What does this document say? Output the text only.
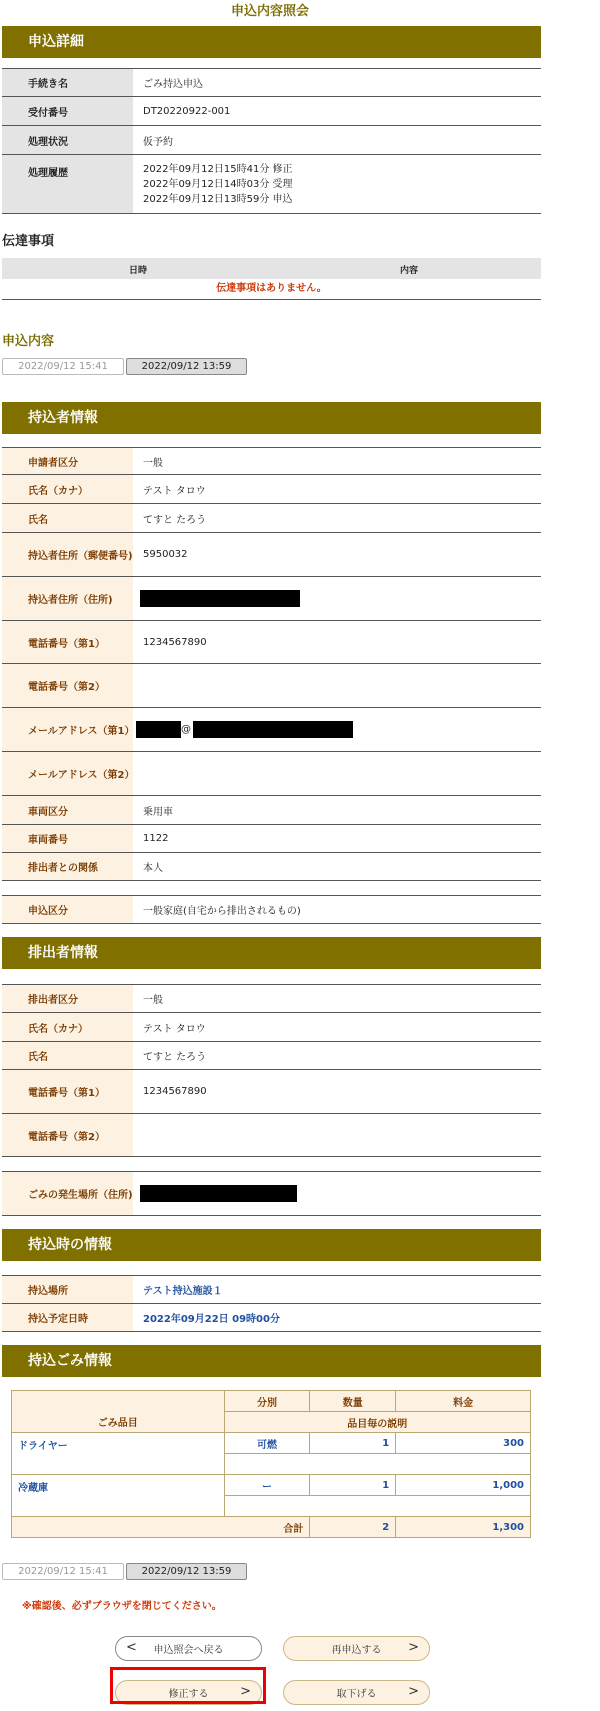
申込内容照会
申込詳細
手続き名	ごみ持込申込
受付番号	DT20220922-001
処理状況	仮予約
処理履歴	2022年09月12日15時41分 修正
2022年09月12日14時03分 受理
2022年09月12日13時59分 申込
伝達事項
日時	内容
伝達事項はありません。
申込内容
2022/09/12 15:41	2022/09/12 13:59
持込者情報
申請者区分	一般
氏名（カナ）	テスト タロウ
氏名	てすと たろう
持込者住所（郵便番号)	5950032
持込者住所（住所)
電話番号（第1）	1234567890
電話番号（第2）
メールアドレス（第1）	@
メールアドレス（第2）
車両区分	乗用車
車両番号	1122
排出者との関係	本人
申込区分	一般家庭(自宅から排出されるもの)
排出者情報
排出者区分	一般
氏名（カナ）	テスト タロウ
氏名	てすと たろう
電話番号（第1）	1234567890
電話番号（第2）
ごみの発生場所（住所)
持込時の情報
持込場所	テスト持込施設１
持込予定日時	2022年09月22日 09時00分
持込ごみ情報
ごみ品目	分別	数量	料金
	品目毎の説明		
ドライヤー	可燃	1	300

冷蔵庫	ー	1	1,000

合計		2	1,300
2022/09/12 15:41	2022/09/12 13:59
※確認後、必ずブラウザを閉じてください。
< 申込照会へ戻る	再申込する >
修正する >	取下げる >
